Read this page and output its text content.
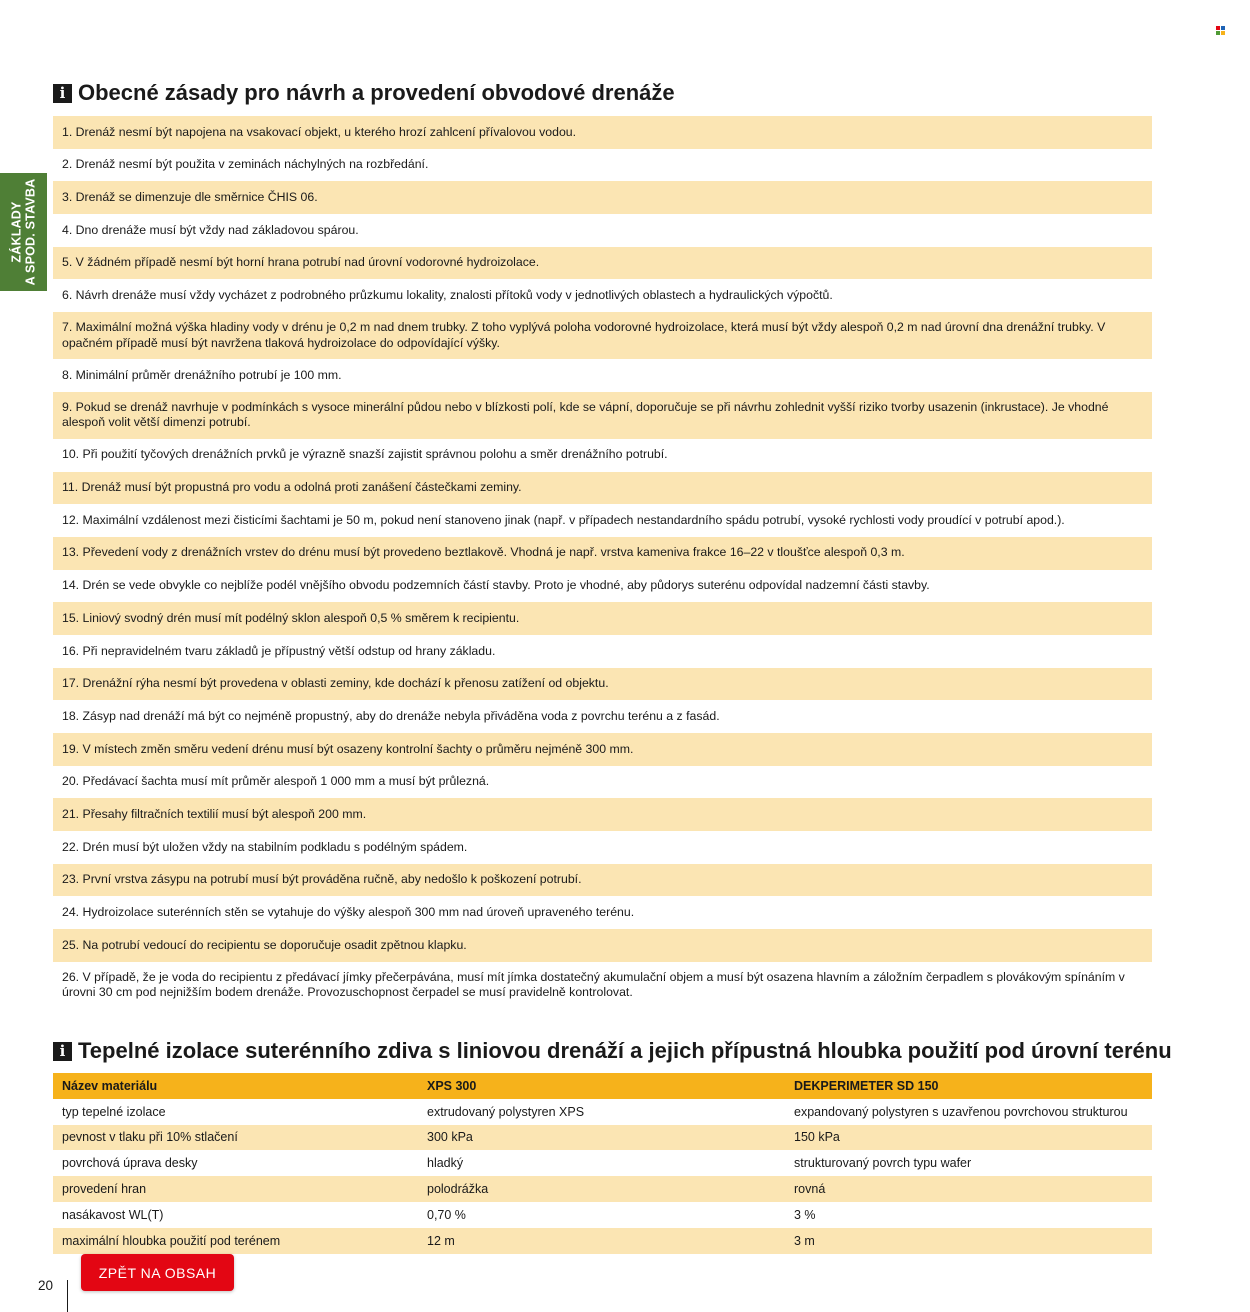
ZÁKLADY A SPOD. STAVBA
i Obecné zásady pro návrh a provedení obvodové drenáže
1. Drenáž nesmí být napojena na vsakovací objekt, u kterého hrozí zahlcení přívalovou vodou.
2. Drenáž nesmí být použita v zeminách náchylných na rozbředání.
3. Drenáž se dimenzuje dle směrnice ČHIS 06.
4. Dno drenáže musí být vždy nad základovou spárou.
5. V žádném případě nesmí být horní hrana potrubí nad úrovní vodorovné hydroizolace.
6. Návrh drenáže musí vždy vycházet z podrobného průzkumu lokality, znalosti přítoků vody v jednotlivých oblastech a hydraulických výpočtů.
7. Maximální možná výška hladiny vody v drénu je 0,2 m nad dnem trubky. Z toho vyplývá poloha vodorovné hydroizolace, která musí být vždy alespoň 0,2 m nad úrovní dna drenážní trubky. V opačném případě musí být navržena tlaková hydroizolace do odpovídající výšky.
8. Minimální průměr drenážního potrubí je 100 mm.
9. Pokud se drenáž navrhuje v podmínkách s vysoce minerální půdou nebo v blízkosti polí, kde se vápní, doporučuje se při návrhu zohlednit vyšší riziko tvorby usazenin (inkrustace). Je vhodné alespoň volit větší dimenzi potrubí.
10. Při použití tyčových drenážních prvků je výrazně snazší zajistit správnou polohu a směr drenážního potrubí.
11. Drenáž musí být propustná pro vodu a odolná proti zanášení částečkami zeminy.
12. Maximální vzdálenost mezi čisticími šachtami je 50 m, pokud není stanoveno jinak (např. v případech nestandardního spádu potrubí, vysoké rychlosti vody proudící v potrubí apod.).
13. Převedení vody z drenážních vrstev do drénu musí být provedeno beztlakově. Vhodná je např. vrstva kameniva frakce 16–22 v tloušťce alespoň 0,3 m.
14. Drén se vede obvykle co nejblíže podél vnějšího obvodu podzemních částí stavby. Proto je vhodné, aby půdorys suterénu odpovídal nadzemní části stavby.
15. Liniový svodný drén musí mít podélný sklon alespoň 0,5 % směrem k recipientu.
16. Při nepravidelném tvaru základů je přípustný větší odstup od hrany základu.
17. Drenážní rýha nesmí být provedena v oblasti zeminy, kde dochází k přenosu zatížení od objektu.
18. Zásyp nad drenáží má být co nejméně propustný, aby do drenáže nebyla přiváděna voda z povrchu terénu a z fasád.
19. V místech změn směru vedení drénu musí být osazeny kontrolní šachty o průměru nejméně 300 mm.
20. Předávací šachta musí mít průměr alespoň 1 000 mm a musí být průlezná.
21. Přesahy filtračních textilií musí být alespoň 200 mm.
22. Drén musí být uložen vždy na stabilním podkladu s podélným spádem.
23. První vrstva zásypu na potrubí musí být prováděna ručně, aby nedošlo k poškození potrubí.
24. Hydroizolace suterénních stěn se vytahuje do výšky alespoň 300 mm nad úroveň upraveného terénu.
25. Na potrubí vedoucí do recipientu se doporučuje osadit zpětnou klapku.
26. V případě, že je voda do recipientu z předávací jímky přečerpávána, musí mít jímka dostatečný akumulační objem a musí být osazena hlavním a záložním čerpadlem s plovákovým spínáním v úrovni 30 cm pod nejnižším bodem drenáže. Provozuschopnost čerpadel se musí pravidelně kontrolovat.
i Tepelné izolace suterénního zdiva s liniovou drenáží a jejich přípustná hloubka použití pod úrovní terénu
Název materiálu	XPS 300	DEKPERIMETER SD 150
typ tepelné izolace	extrudovaný polystyren XPS	expandovaný polystyren s uzavřenou povrchovou strukturou
pevnost v tlaku při 10% stlačení	300 kPa	150 kPa
povrchová úprava desky	hladký	strukturovaný povrch typu wafer
provedení hran	polodrážka	rovná
nasákavost WL(T)	0,70 %	3 %
maximální hloubka použití pod terénem	12 m	3 m
20
ZPĚT NA OBSAH
